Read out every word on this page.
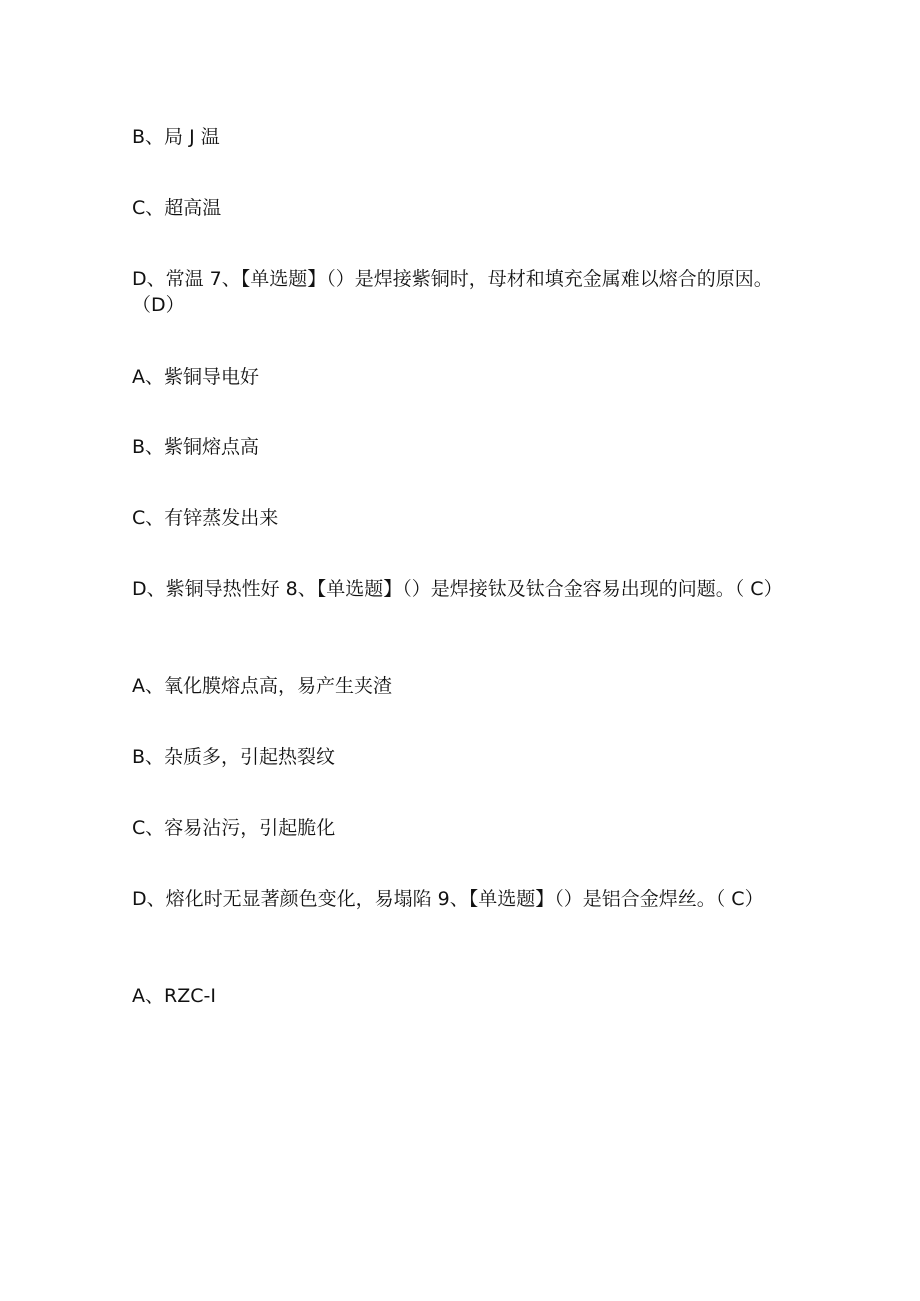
B、局 J 温
C、超高温
D、常温 7、【单选题】（）是焊接紫铜时，母材和填充金属难以熔合的原因。（D）
A、紫铜导电好
B、紫铜熔点高
C、有锌蒸发出来
D、紫铜导热性好 8、【单选题】（）是焊接钛及钛合金容易出现的问题。（ C）
A、氧化膜熔点高，易产生夹渣
B、杂质多，引起热裂纹
C、容易沾污，引起脆化
D、熔化时无显著颜色变化，易塌陷 9、【单选题】（）是铝合金焊丝。（ C）
A、RZC-I
